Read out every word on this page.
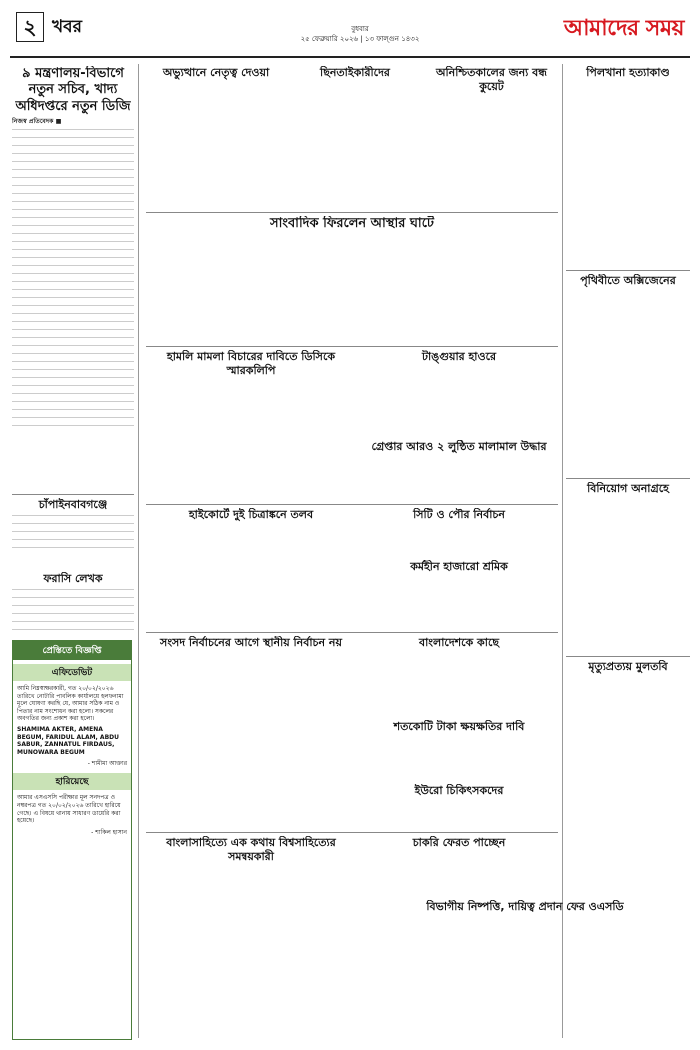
২ খবর	বুধবার
২৫ ফেব্রুয়ারি ২০২৬ | ১৩ ফাল্গুন ১৪৩২	আমাদের সময়
৯ মন্ত্রণালয়-বিভাগে
নতুন সচিব, খাদ্য
অধিদপ্তরে নতুন ডিজি
নিজস্ব প্রতিবেদক ■
চাঁপাইনবাবগঞ্জে
ফরাসি লেখক
প্রেস্তিতে বিজ্ঞপ্তি
এফিডেভিট
আমি নিম্নস্বাক্ষরকারী, গত ২০/০২/২০২৬ তারিখে নোটারি পাবলিক কার্যালয়ে হলফনামা মূলে ঘোষণা করছি যে, আমার সঠিক নাম ও পিতার নাম সংশোধন করা হলো। সকলের অবগতির জন্য প্রকাশ করা হলো।
SHAMIMA AKTER, AMENA BEGUM, FARIDUL ALAM, ABDU SABUR, ZANNATUL FIRDAUS, MUNOWARA BEGUM
- শামীমা আক্তার
হারিয়েছে
আমার এসএসসি পরীক্ষার মূল সনদপত্র ও নম্বরপত্র গত ২০/০২/২০২৬ তারিখে হারিয়ে গেছে। এ বিষয়ে থানায় সাধারণ ডায়েরি করা হয়েছে।
- শাকিল হাসান
অভ্যুত্থানে নেতৃত্ব দেওয়া	ছিনতাইকারীদের	অনিশ্চিতকালের জন্য বন্ধ কুয়েট
সাংবাদিক ফিরলেন আস্থার ঘাটে
হামলি মামলা বিচারের দাবিতে ডিসিকে স্মারকলিপি
টাঙ্গুয়ার হাওরে
গ্রেপ্তার আরও ২ লুন্ঠিত মালামাল উদ্ধার
হাইকোর্টে দুই চিত্রাঙ্কনে তলব	সিটি ও পৌর নির্বাচন
কর্মহীন হাজারো শ্রমিক
সংসদ নির্বাচনের আগে স্থানীয় নির্বাচন নয়	বাংলাদেশকে কাছে
শতকোটি টাকা ক্ষয়ক্ষতির দাবি
ইউরো চিকিৎসকদের
বাংলাসাহিত্যে এক কথায় বিশ্বসাহিত্যের সমন্বয়কারী
চাকরি ফেরত পাচ্ছেন
বিভাগীয় নিষ্পত্তি, দায়িত্ব প্রদান ফের ওএসডি
পিলখানা হত্যাকাণ্ড
পৃথিবীতে অক্সিজেনের
বিনিয়োগ অনাগ্রহে
মৃত্যুপ্রত্যয় মুলতবি
